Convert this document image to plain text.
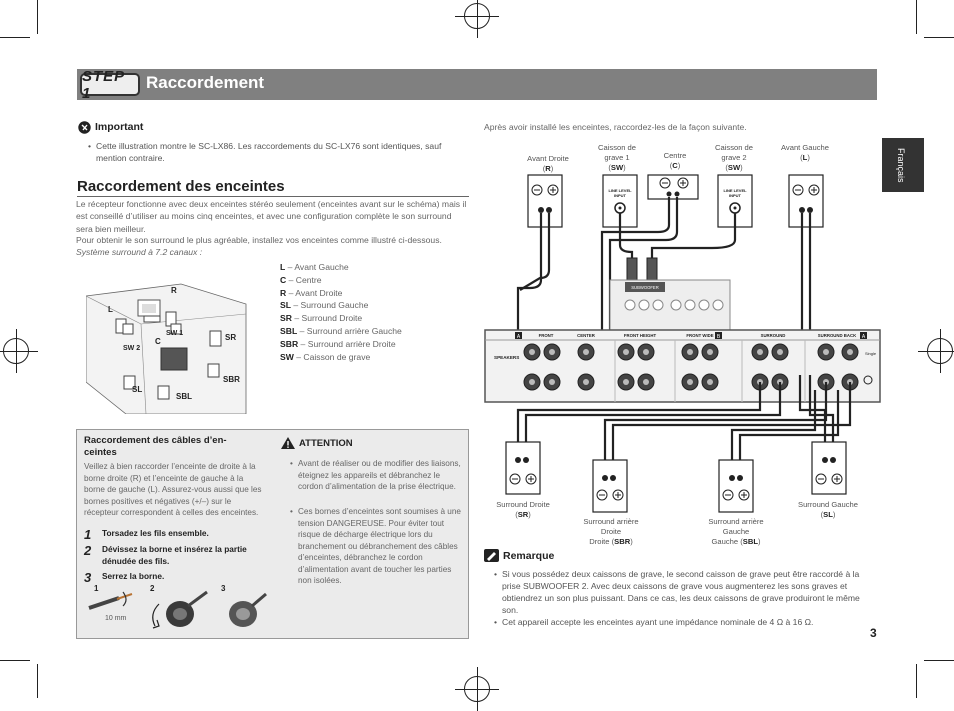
STEP 1
Raccordement
Français
Important
• Cette illustration montre le SC-LX86. Les raccordements du SC-LX76 sont identiques, sauf mention contraire.
Raccordement des enceintes
Le récepteur fonctionne avec deux enceintes stéréo seulement (enceintes avant sur le schéma) mais il est conseillé d’utiliser au moins cinq enceintes, et avec une configuration complète le son surround sera bien meilleur.
Pour obtenir le son surround le plus agréable, installez vos enceintes comme illustré ci-dessous.
Système surround à 7.2 canaux :
L
R
C
SW 1
SW 2
SR
SL
SBR
SBL
L – Avant Gauche
C – Centre
R – Avant Droite
SL – Surround Gauche
SR – Surround Droite
SBL – Surround arrière Gauche
SBR – Surround arrière Droite
SW – Caisson de grave
Raccordement des câbles d’en-ceintes
Veillez à bien raccorder l’enceinte de droite à la borne droite (R) et l’enceinte de gauche à la borne de gauche (L). Assurez-vous aussi que les bornes positives et négatives (+/–) sur le récepteur correspondent à celles des enceintes.
1 Torsadez les fils ensemble.
2 Dévissez la borne et insérez la partie dénudée des fils.
3 Serrez la borne.
1	2	3
10 mm
ATTENTION
• Avant de réaliser ou de modifier des liaisons, éteignez les appareils et débranchez le cordon d’alimentation de la prise électrique.
• Ces bornes d’enceintes sont soumises à une tension DANGEREUSE. Pour éviter tout risque de décharge électrique lors du branchement ou débranchement des câbles d’enceintes, débranchez le cordon d’alimentation avant de toucher les parties non isolées.
Après avoir installé les enceintes, raccordez-les de la façon suivante.
Avant Droite
(R)
Caisson de grave 1
(SW)
Centre
(C)
Caisson de grave 2
(SW)
Avant Gauche
(L)
Surround Droite
(SR)
Surround arrière Droite
Droite (SBR)
Surround arrière Gauche
Gauche (SBL)
Surround Gauche
(SL)
LINE LEVEL
INPUT
LINE LEVEL
INPUT
SUBWOOFER
SPEAKERS
A	B	A
FRONT	CENTER	FRONT HEIGHT	FRONT WIDE	SURROUND	SURROUND BACK
Single
Remarque
• Si vous possédez deux caissons de grave, le second caisson de grave peut être raccordé à la prise SUBWOOFER 2. Avec deux caissons de grave vous augmenterez les sons graves et obtiendrez un son plus puissant. Dans ce cas, les deux caissons de grave produiront le même son.
• Cet appareil accepte les enceintes ayant une impédance nominale de 4 Ω à 16 Ω.
3
